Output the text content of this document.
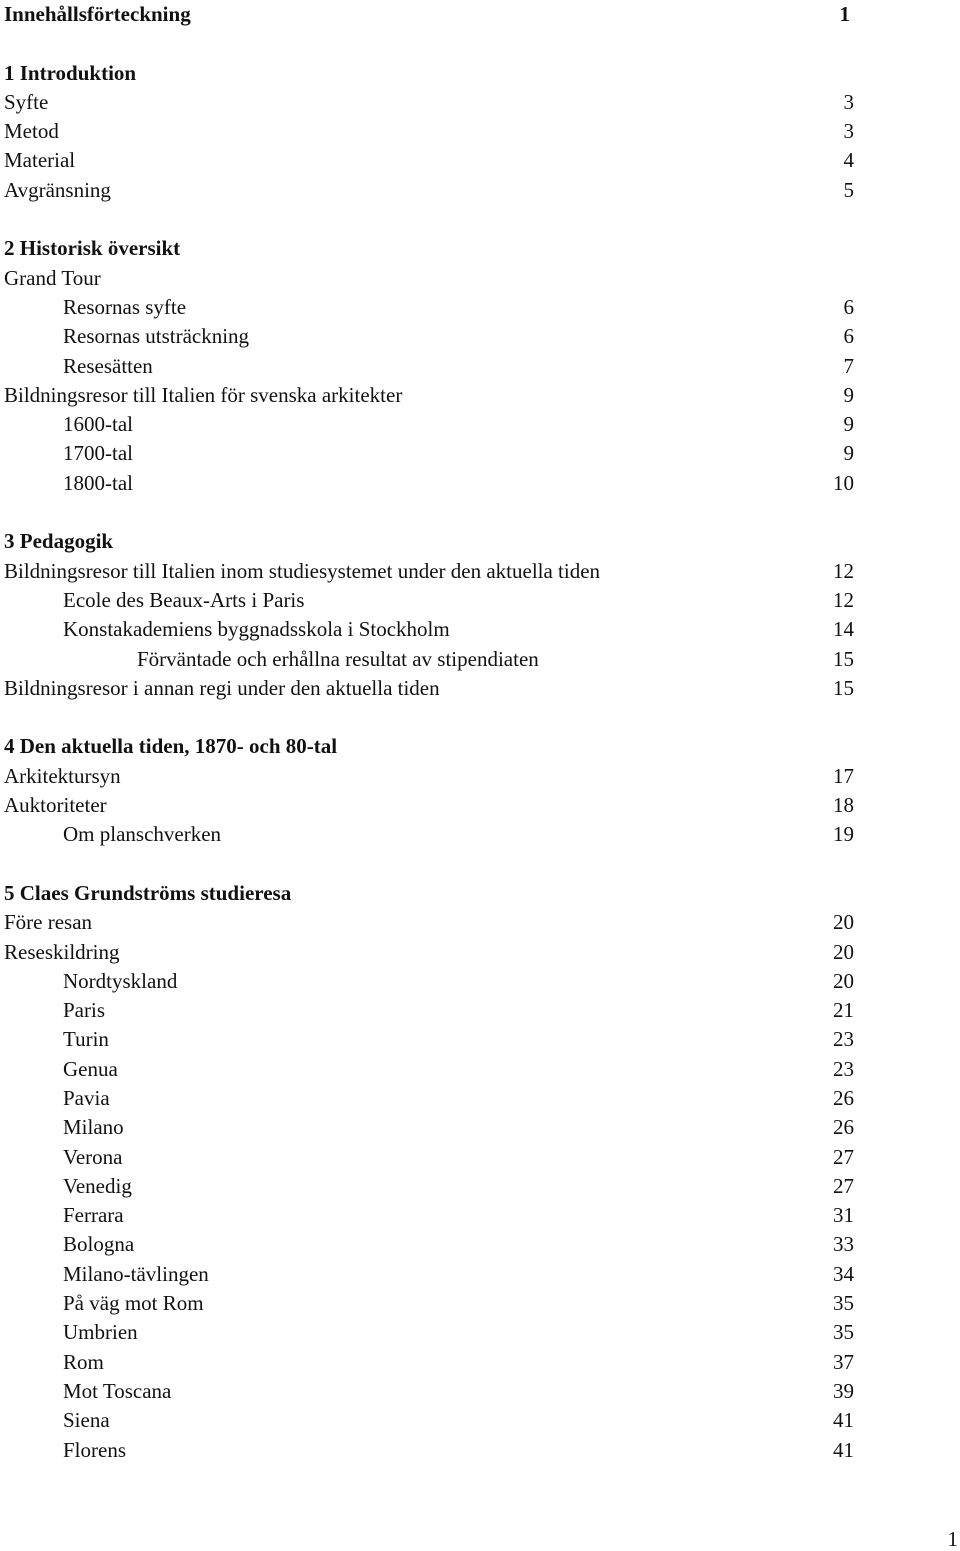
Innehållsförteckning	1
1 Introduktion
Syfte	3
Metod	3
Material	4
Avgränsning	5
2 Historisk översikt
Grand Tour
Resornas syfte	6
Resornas utsträckning	6
Resesätten	7
Bildningsresor till Italien för svenska arkitekter	9
1600-tal	9
1700-tal	9
1800-tal	10
3 Pedagogik
Bildningsresor till Italien inom studiesystemet under den aktuella tiden	12
Ecole des Beaux-Arts i Paris	12
Konstakademiens byggnadsskola i Stockholm	14
Förväntade och erhållna resultat av stipendiaten	15
Bildningsresor i annan regi under den aktuella tiden	15
4 Den aktuella tiden, 1870- och 80-tal
Arkitektursyn	17
Auktoriteter	18
Om planschverken	19
5 Claes Grundströms studieresa
Före resan	20
Reseskildring	20
Nordtyskland	20
Paris	21
Turin	23
Genua	23
Pavia	26
Milano	26
Verona	27
Venedig	27
Ferrara	31
Bologna	33
Milano-tävlingen	34
På väg mot Rom	35
Umbrien	35
Rom	37
Mot Toscana	39
Siena	41
Florens	41
1
